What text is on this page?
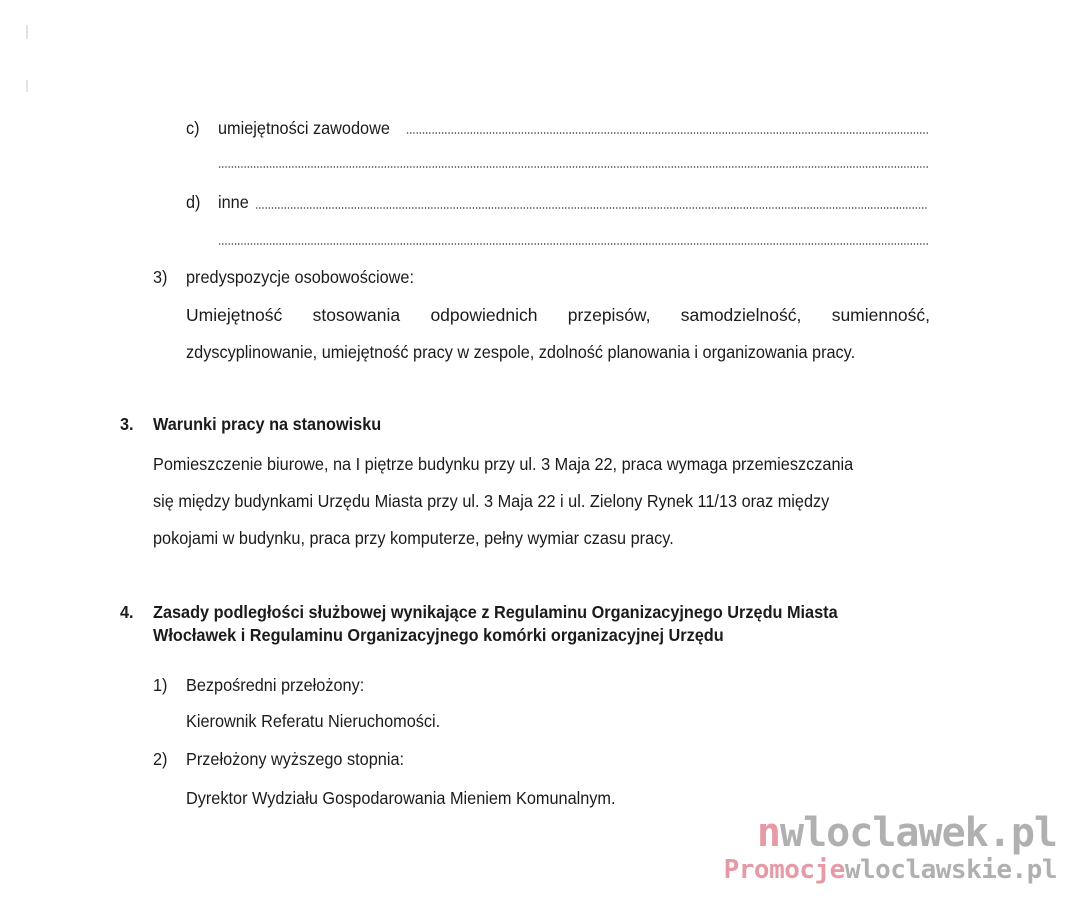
c) umiejętności zawodowe
d) inne
3) predyspozycje osobowościowe:
Umiejętność stosowania odpowiednich przepisów, samodzielność, sumienność,
zdyscyplinowanie, umiejętność pracy w zespole, zdolność planowania i organizowania pracy.
3. Warunki pracy na stanowisku
Pomieszczenie biurowe, na I piętrze budynku przy ul. 3 Maja 22, praca wymaga przemieszczania
się między budynkami Urzędu Miasta przy ul. 3 Maja 22 i ul. Zielony Rynek 11/13 oraz między
pokojami w budynku, praca przy komputerze, pełny wymiar czasu pracy.
4. Zasady podległości służbowej wynikające z Regulaminu Organizacyjnego Urzędu Miasta
Włocławek i Regulaminu Organizacyjnego komórki organizacyjnej Urzędu
1) Bezpośredni przełożony:
Kierownik Referatu Nieruchomości.
2) Przełożony wyższego stopnia:
Dyrektor Wydziału Gospodarowania Mieniem Komunalnym.
nwloclawek.pl
Promocjewloclawskie.pl
